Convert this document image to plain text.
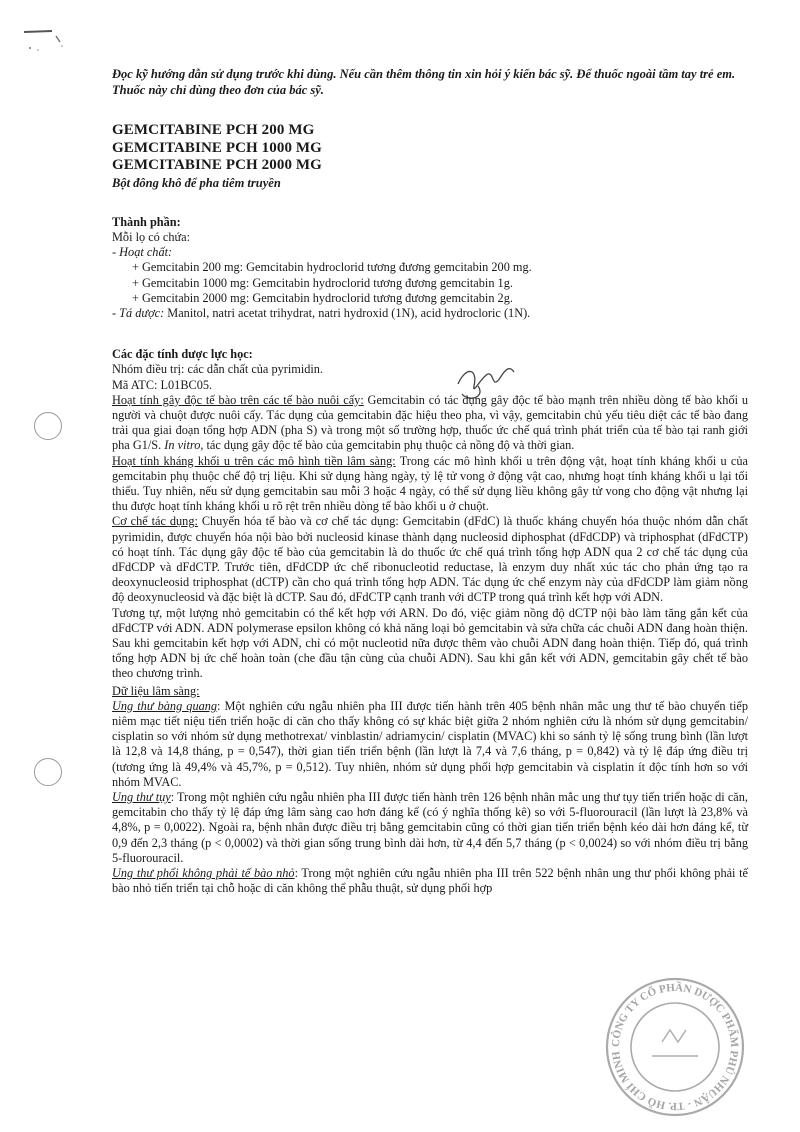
Đọc kỹ hướng dẫn sử dụng trước khi dùng. Nếu cần thêm thông tin xin hỏi ý kiến bác sỹ. Để thuốc ngoài tầm tay trẻ em. Thuốc này chỉ dùng theo đơn của bác sỹ.

GEMCITABINE PCH 200 MG
GEMCITABINE PCH 1000 MG
GEMCITABINE PCH 2000 MG
Bột đông khô để pha tiêm truyền
Thành phần:
Mỗi lọ có chứa:
- Hoạt chất:
+ Gemcitabin 200 mg: Gemcitabin hydroclorid tương đương gemcitabin 200 mg.
+ Gemcitabin 1000 mg: Gemcitabin hydroclorid tương đương gemcitabin 1g.
+ Gemcitabin 2000 mg: Gemcitabin hydroclorid tương đương gemcitabin 2g.
- Tá dược: Manitol, natri acetat trihydrat, natri hydroxid (1N), acid hydrocloric (1N).
Các đặc tính dược lực học:
Nhóm điều trị: các dẫn chất của pyrimidin.
Mã ATC: L01BC05.

Hoạt tính gây độc tế bào trên các tế bào nuôi cấy: Gemcitabin có tác dụng gây độc tế bào mạnh trên nhiều dòng tế bào khối u người và chuột được nuôi cấy. Tác dụng của gemcitabin đặc hiệu theo pha, vì vậy, gemcitabin chủ yếu tiêu diệt các tế bào đang trải qua giai đoạn tổng hợp ADN (pha S) và trong một số trường hợp, thuốc ức chế quá trình phát triển của tế bào tại ranh giới pha G1/S. In vitro, tác dụng gây độc tế bào của gemcitabin phụ thuộc cả nồng độ và thời gian.

Hoạt tính kháng khối u trên các mô hình tiền lâm sàng: Trong các mô hình khối u trên động vật, hoạt tính kháng khối u của gemcitabin phụ thuộc chế độ trị liệu. Khi sử dụng hàng ngày, tỷ lệ tử vong ở động vật cao, nhưng hoạt tính kháng khối u lại tối thiểu. Tuy nhiên, nếu sử dụng gemcitabin sau mỗi 3 hoặc 4 ngày, có thể sử dụng liều không gây tử vong cho động vật nhưng lại thu được hoạt tính kháng khối u rõ rệt trên nhiều dòng tế bào khối u ở chuột.

Cơ chế tác dụng: Chuyển hóa tế bào và cơ chế tác dụng: Gemcitabin (dFdC) là thuốc kháng chuyển hóa thuộc nhóm dẫn chất pyrimidin, được chuyển hóa nội bào bởi nucleosid kinase thành dạng nucleosid diphosphat (dFdCDP) và triphosphat (dFdCTP) có hoạt tính. Tác dụng gây độc tế bào của gemcitabin là do thuốc ức chế quá trình tổng hợp ADN qua 2 cơ chế tác dụng của dFdCDP và dFdCTP. Trước tiên, dFdCDP ức chế ribonucleotid reductase, là enzym duy nhất xúc tác cho phản ứng tạo ra deoxynucleosid triphosphat (dCTP) cần cho quá trình tổng hợp ADN. Tác dụng ức chế enzym này của dFdCDP làm giảm nồng độ deoxynucleosid và đặc biệt là dCTP. Sau đó, dFdCTP cạnh tranh với dCTP trong quá trình kết hợp với ADN.

Tương tự, một lượng nhỏ gemcitabin có thể kết hợp với ARN. Do đó, việc giảm nồng độ dCTP nội bào làm tăng gắn kết của dFdCTP với ADN. ADN polymerase epsilon không có khả năng loại bỏ gemcitabin và sửa chữa các chuỗi ADN đang hoàn thiện. Sau khi gemcitabin kết hợp với ADN, chỉ có một nucleotid nữa được thêm vào chuỗi ADN đang hoàn thiện. Tiếp đó, quá trình tổng hợp ADN bị ức chế hoàn toàn (che đầu tận cùng của chuỗi ADN). Sau khi gắn kết với ADN, gemcitabin gây chết tế bào theo chương trình.

Dữ liệu lâm sàng:

Ung thư bàng quang: Một nghiên cứu ngẫu nhiên pha III được tiến hành trên 405 bệnh nhân mắc ung thư tế bào chuyển tiếp niêm mạc tiết niệu tiến triển hoặc di căn cho thấy không có sự khác biệt giữa 2 nhóm nghiên cứu là nhóm sử dụng gemcitabin/ cisplatin so với nhóm sử dụng methotrexat/ vinblastin/ adriamycin/ cisplatin (MVAC) khi so sánh tỷ lệ sống trung bình (lần lượt là 12,8 và 14,8 tháng, p = 0,547), thời gian tiến triển bệnh (lần lượt là 7,4 và 7,6 tháng, p = 0,842) và tỷ lệ đáp ứng điều trị (tương ứng là 49,4% và 45,7%, p = 0,512). Tuy nhiên, nhóm sử dụng phối hợp gemcitabin và cisplatin ít độc tính hơn so với nhóm MVAC.

Ung thư tụy: Trong một nghiên cứu ngẫu nhiên pha III được tiến hành trên 126 bệnh nhân mắc ung thư tụy tiến triển hoặc di căn, gemcitabin cho thấy tỷ lệ đáp ứng lâm sàng cao hơn đáng kể (có ý nghĩa thống kê) so với 5-fluorouracil (lần lượt là 23,8% và 4,8%, p = 0,0022). Ngoài ra, bệnh nhân được điều trị bằng gemcitabin cũng có thời gian tiến triển bệnh kéo dài hơn đáng kể, từ 0,9 đến 2,3 tháng (p < 0,0002) và thời gian sống trung bình dài hơn, từ 4,4 đến 5,7 tháng (p < 0,0024) so với nhóm điều trị bằng 5-fluorouracil.

Ung thư phổi không phải tế bào nhỏ: Trong một nghiên cứu ngẫu nhiên pha III trên 522 bệnh nhân ung thư phổi không phải tế bào nhỏ tiến triển tại chỗ hoặc di căn không thể phẫu thuật, sử dụng phối hợp

CÔNG TY CỔ PHẦN DƯỢC PHẨM PHÚ NHUẬN - TP. HỒ CHÍ MINH
